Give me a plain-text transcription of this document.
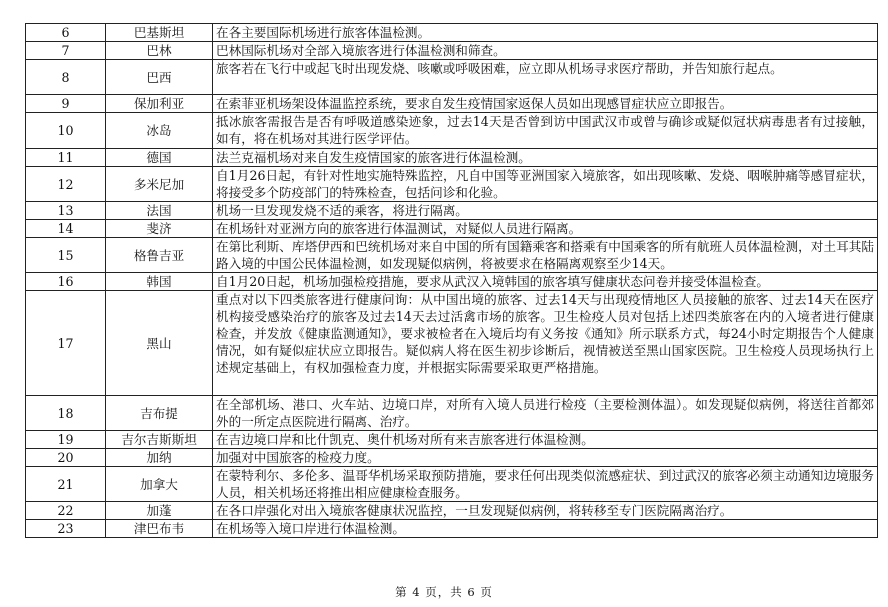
6	巴基斯坦	在各主要国际机场进行旅客体温检测。
7	巴林	巴林国际机场对全部入境旅客进行体温检测和筛查。
8	巴西	旅客若在飞行中或起飞时出现发烧、咳嗽或呼吸困难，应立即从机场寻求医疗帮助，并告知旅行起点。
9	保加利亚	在索菲亚机场架设体温监控系统，要求自发生疫情国家返保人员如出现感冒症状应立即报告。
10	冰岛	抵冰旅客需报告是否有呼吸道感染迹象，过去14天是否曾到访中国武汉市或曾与确诊或疑似冠状病毒患者有过接触，如有，将在机场对其进行医学评估。
11	德国	法兰克福机场对来自发生疫情国家的旅客进行体温检测。
12	多米尼加	自1月26日起，有针对性地实施特殊监控，凡自中国等亚洲国家入境旅客，如出现咳嗽、发烧、咽喉肿痛等感冒症状，将接受多个防疫部门的特殊检查，包括问诊和化验。
13	法国	机场一旦发现发烧不适的乘客，将进行隔离。
14	斐济	在机场针对亚洲方向的旅客进行体温测试，对疑似人员进行隔离。
15	格鲁吉亚	在第比利斯、库塔伊西和巴统机场对来自中国的所有国籍乘客和搭乘有中国乘客的所有航班人员体温检测，对土耳其陆路入境的中国公民体温检测，如发现疑似病例，将被要求在格隔离观察至少14天。
16	韩国	自1月20日起，机场加强检疫措施，要求从武汉入境韩国的旅客填写健康状态问卷并接受体温检查。
17	黑山	重点对以下四类旅客进行健康问询：从中国出境的旅客、过去14天与出现疫情地区人员接触的旅客、过去14天在医疗机构接受感染治疗的旅客及过去14天去过活禽市场的旅客。卫生检疫人员对包括上述四类旅客在内的入境者进行健康检查，并发放《健康监测通知》，要求被检者在入境后均有义务按《通知》所示联系方式，每24小时定期报告个人健康情况，如有疑似症状应立即报告。疑似病人将在医生初步诊断后，视情被送至黑山国家医院。卫生检疫人员现场执行上述规定基础上，有权加强检查力度，并根据实际需要采取更严格措施。
18	吉布提	在全部机场、港口、火车站、边境口岸，对所有入境人员进行检疫（主要检测体温）。如发现疑似病例，将送往首都郊外的一所定点医院进行隔离、治疗。
19	吉尔吉斯斯坦	在吉边境口岸和比什凯克、奥什机场对所有来吉旅客进行体温检测。
20	加纳	加强对中国旅客的检疫力度。
21	加拿大	在蒙特利尔、多伦多、温哥华机场采取预防措施，要求任何出现类似流感症状、到过武汉的旅客必须主动通知边境服务人员，相关机场还将推出相应健康检查服务。
22	加蓬	在各口岸强化对出入境旅客健康状况监控，一旦发现疑似病例，将转移至专门医院隔离治疗。
23	津巴布韦	在机场等入境口岸进行体温检测。
第 4 页，共 6 页
